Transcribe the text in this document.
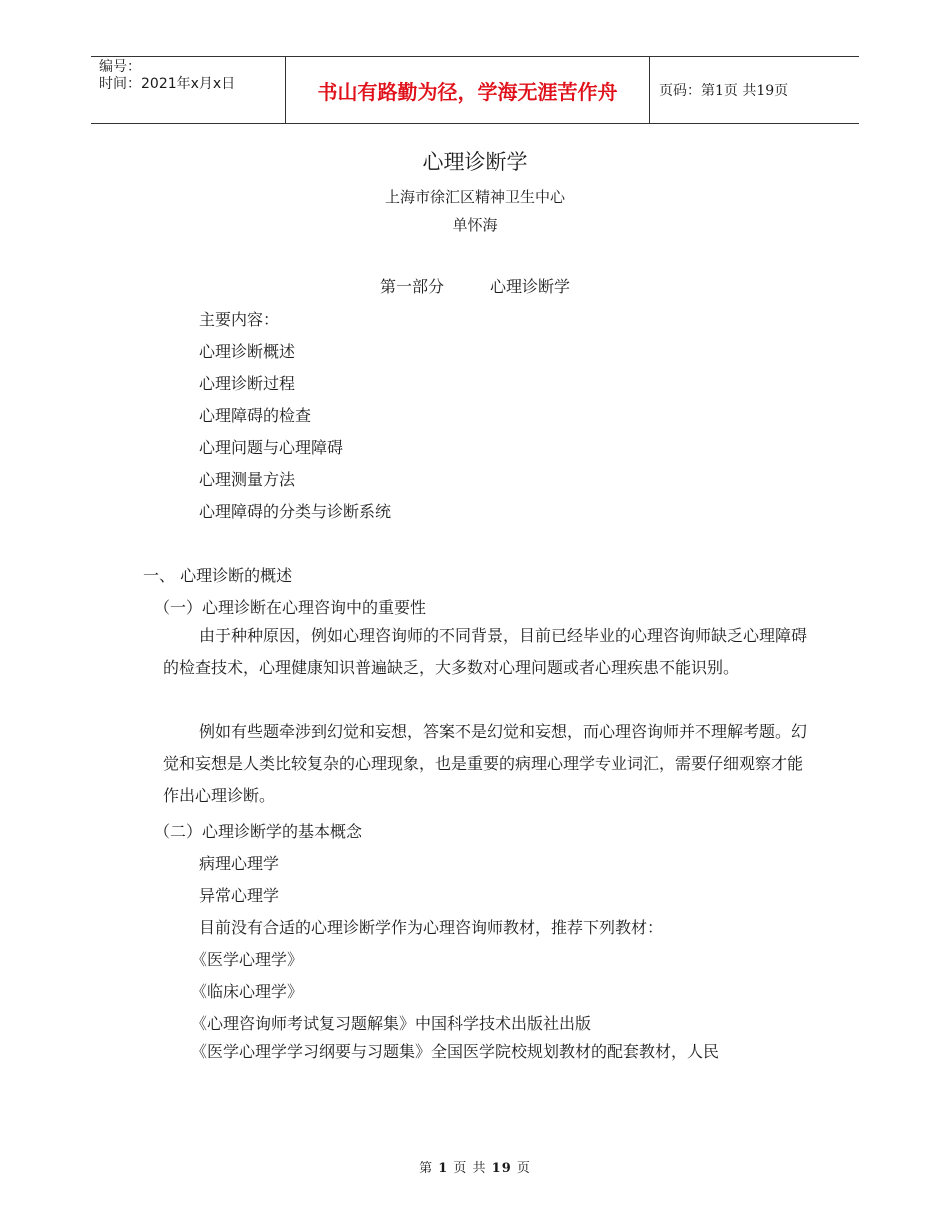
编号：
时间：2021年x月x日	书山有路勤为径，学海无涯苦作舟	页码：第1页 共19页
心理诊断学
上海市徐汇区精神卫生中心
单怀海
第一部分	心理诊断学
主要内容：
心理诊断概述
心理诊断过程
心理障碍的检查
心理问题与心理障碍
心理测量方法
心理障碍的分类与诊断系统
一、 心理诊断的概述
（一）心理诊断在心理咨询中的重要性
由于种种原因，例如心理咨询师的不同背景，目前已经毕业的心理咨询师缺乏心理障碍的检查技术，心理健康知识普遍缺乏，大多数对心理问题或者心理疾患不能识别。
例如有些题牵涉到幻觉和妄想，答案不是幻觉和妄想，而心理咨询师并不理解考题。幻觉和妄想是人类比较复杂的心理现象，也是重要的病理心理学专业词汇，需要仔细观察才能作出心理诊断。
（二）心理诊断学的基本概念
病理心理学
异常心理学
目前没有合适的心理诊断学作为心理咨询师教材，推荐下列教材：
《医学心理学》
《临床心理学》
《心理咨询师考试复习题解集》中国科学技术出版社出版
《医学心理学学习纲要与习题集》全国医学院校规划教材的配套教材，人民
第 1 页 共 19 页
